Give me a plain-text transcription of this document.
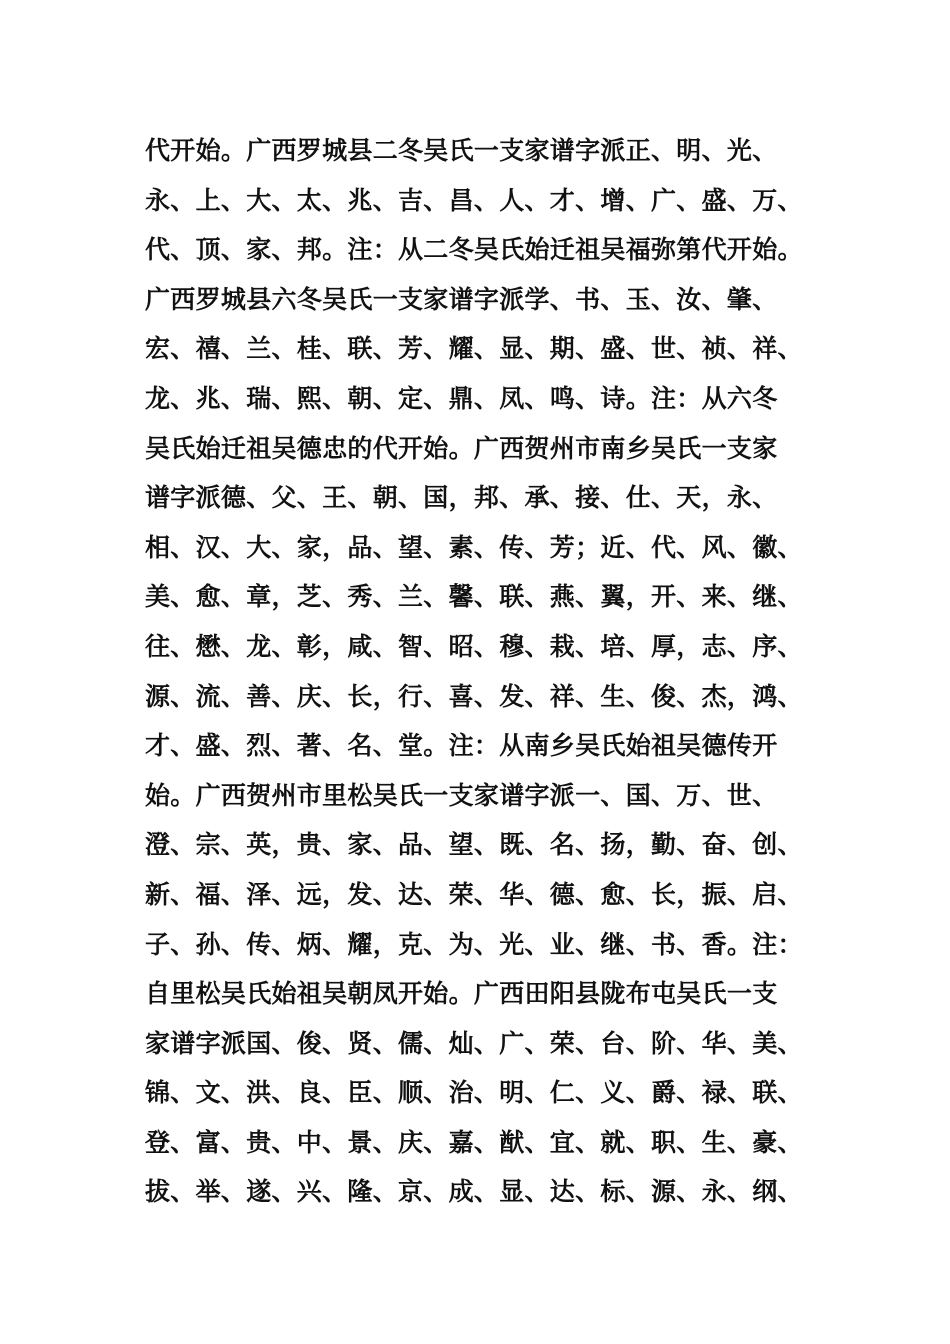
代开始。广西罗城县二冬吴氏一支家谱字派正、明、光、
永、上、大、太、兆、吉、昌、人、才、增、广、盛、万、
代、顶、家、邦。注：从二冬吴氏始迁祖吴福弥第代开始。
广西罗城县六冬吴氏一支家谱字派学、书、玉、汝、肇、
宏、禧、兰、桂、联、芳、耀、显、期、盛、世、祯、祥、
龙、兆、瑞、熙、朝、定、鼎、凤、鸣、诗。注：从六冬
吴氏始迁祖吴德忠的代开始。广西贺州市南乡吴氏一支家
谱字派德、父、王、朝、国，邦、承、接、仕、天，永、
相、汉、大、家，品、望、素、传、芳；近、代、风、徽、
美、愈、章，芝、秀、兰、馨、联、燕、翼，开、来、继、
往、懋、龙、彰，咸、智、昭、穆、栽、培、厚，志、序、
源、流、善、庆、长，行、喜、发、祥、生、俊、杰，鸿、
才、盛、烈、著、名、堂。注：从南乡吴氏始祖吴德传开
始。广西贺州市里松吴氏一支家谱字派一、国、万、世、
澄、宗、英，贵、家、品、望、既、名、扬，勤、奋、创、
新、福、泽、远，发、达、荣、华、德、愈、长，振、启、
子、孙、传、炳、耀，克、为、光、业、继、书、香。注：
自里松吴氏始祖吴朝凤开始。广西田阳县陇布屯吴氏一支
家谱字派国、俊、贤、儒、灿、广、荣、台、阶、华、美、
锦、文、洪、良、臣、顺、治、明、仁、义、爵、禄、联、
登、富、贵、中、景、庆、嘉、猷、宜、就、职、生、豪、
拔、举、遂、兴、隆、京、成、显、达、标、源、永、纲、
